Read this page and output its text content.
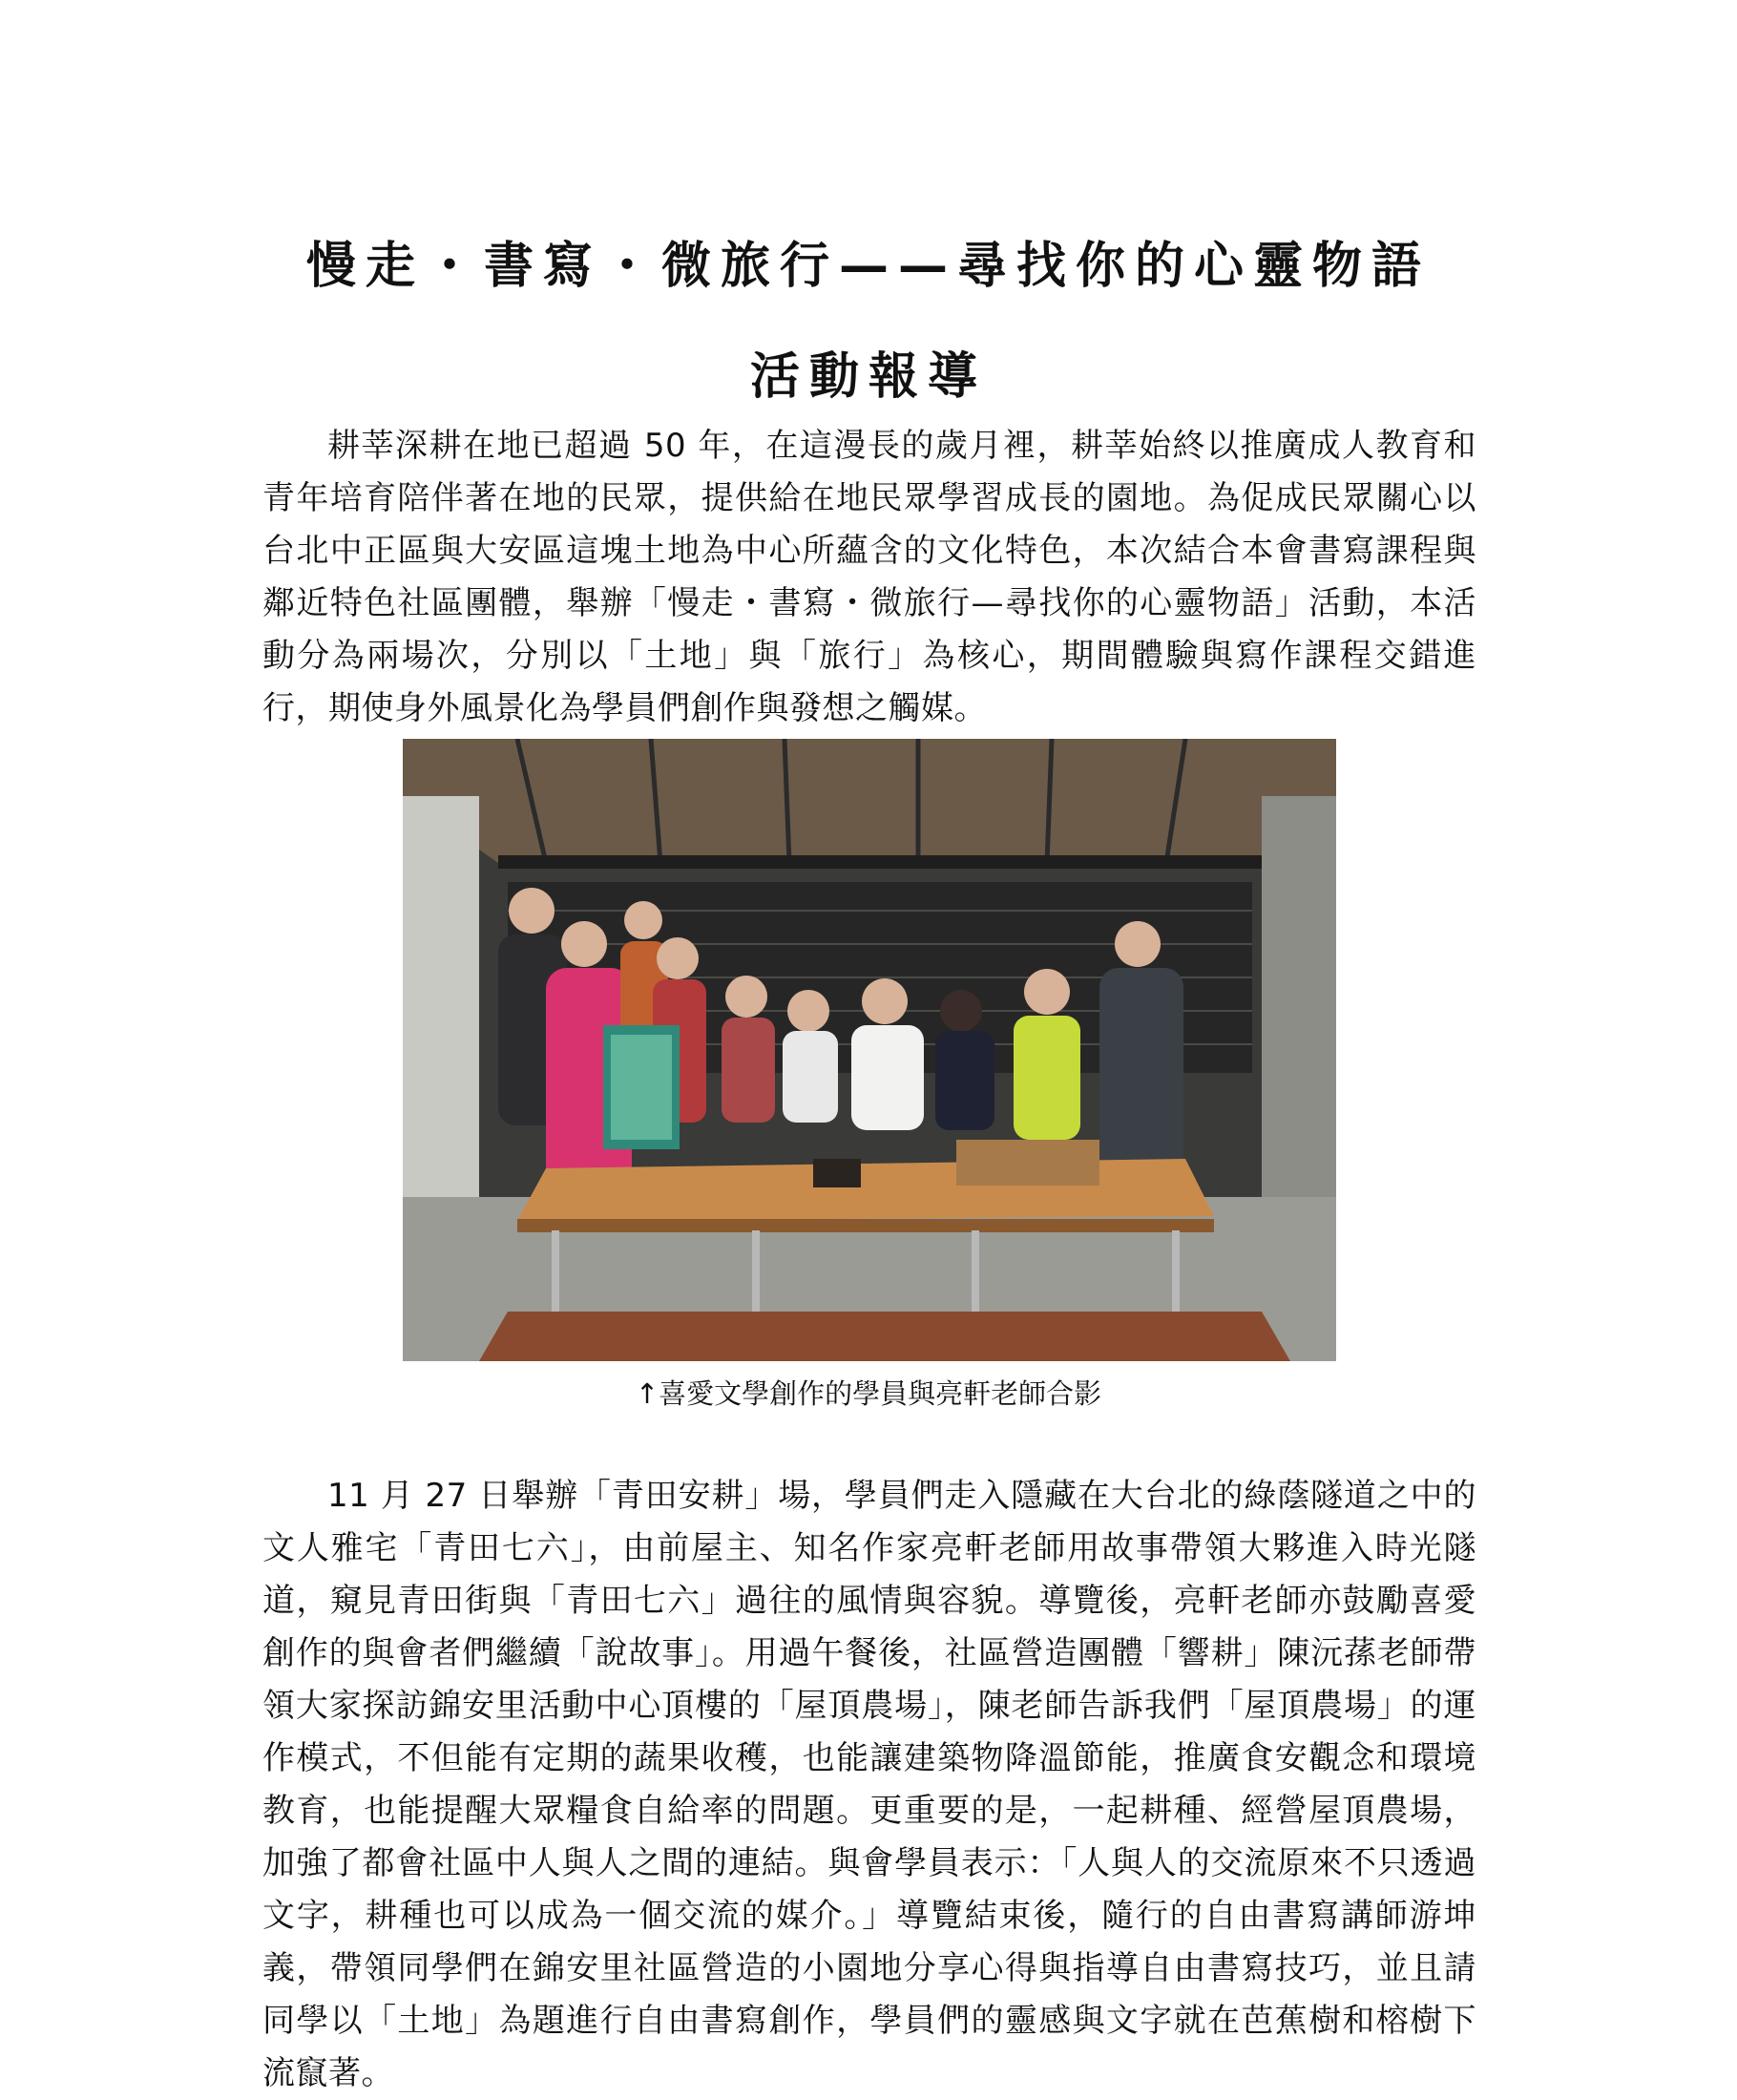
慢走・書寫・微旅行——尋找你的心靈物語
活動報導
耕莘深耕在地已超過 50 年，在這漫長的歲月裡，耕莘始終以推廣成人教育和青年培育陪伴著在地的民眾，提供給在地民眾學習成長的園地。為促成民眾關心以台北中正區與大安區這塊土地為中心所蘊含的文化特色，本次結合本會書寫課程與鄰近特色社區團體，舉辦「慢走・書寫・微旅行—尋找你的心靈物語」活動，本活動分為兩場次，分別以「土地」與「旅行」為核心，期間體驗與寫作課程交錯進行，期使身外風景化為學員們創作與發想之觸媒。
↑喜愛文學創作的學員與亮軒老師合影
11 月 27 日舉辦「青田安耕」場，學員們走入隱藏在大台北的綠蔭隧道之中的文人雅宅「青田七六」，由前屋主、知名作家亮軒老師用故事帶領大夥進入時光隧道，窺見青田街與「青田七六」過往的風情與容貌。導覽後，亮軒老師亦鼓勵喜愛創作的與會者們繼續「說故事」。用過午餐後，社區營造團體「響耕」陳沅蓀老師帶領大家探訪錦安里活動中心頂樓的「屋頂農場」，陳老師告訴我們「屋頂農場」的運作模式，不但能有定期的蔬果收穫，也能讓建築物降溫節能，推廣食安觀念和環境教育，也能提醒大眾糧食自給率的問題。更重要的是，一起耕種、經營屋頂農場，加強了都會社區中人與人之間的連結。與會學員表示：「人與人的交流原來不只透過文字，耕種也可以成為一個交流的媒介。」導覽結束後，隨行的自由書寫講師游坤義，帶領同學們在錦安里社區營造的小園地分享心得與指導自由書寫技巧，並且請同學以「土地」為題進行自由書寫創作，學員們的靈感與文字就在芭蕉樹和榕樹下流竄著。
